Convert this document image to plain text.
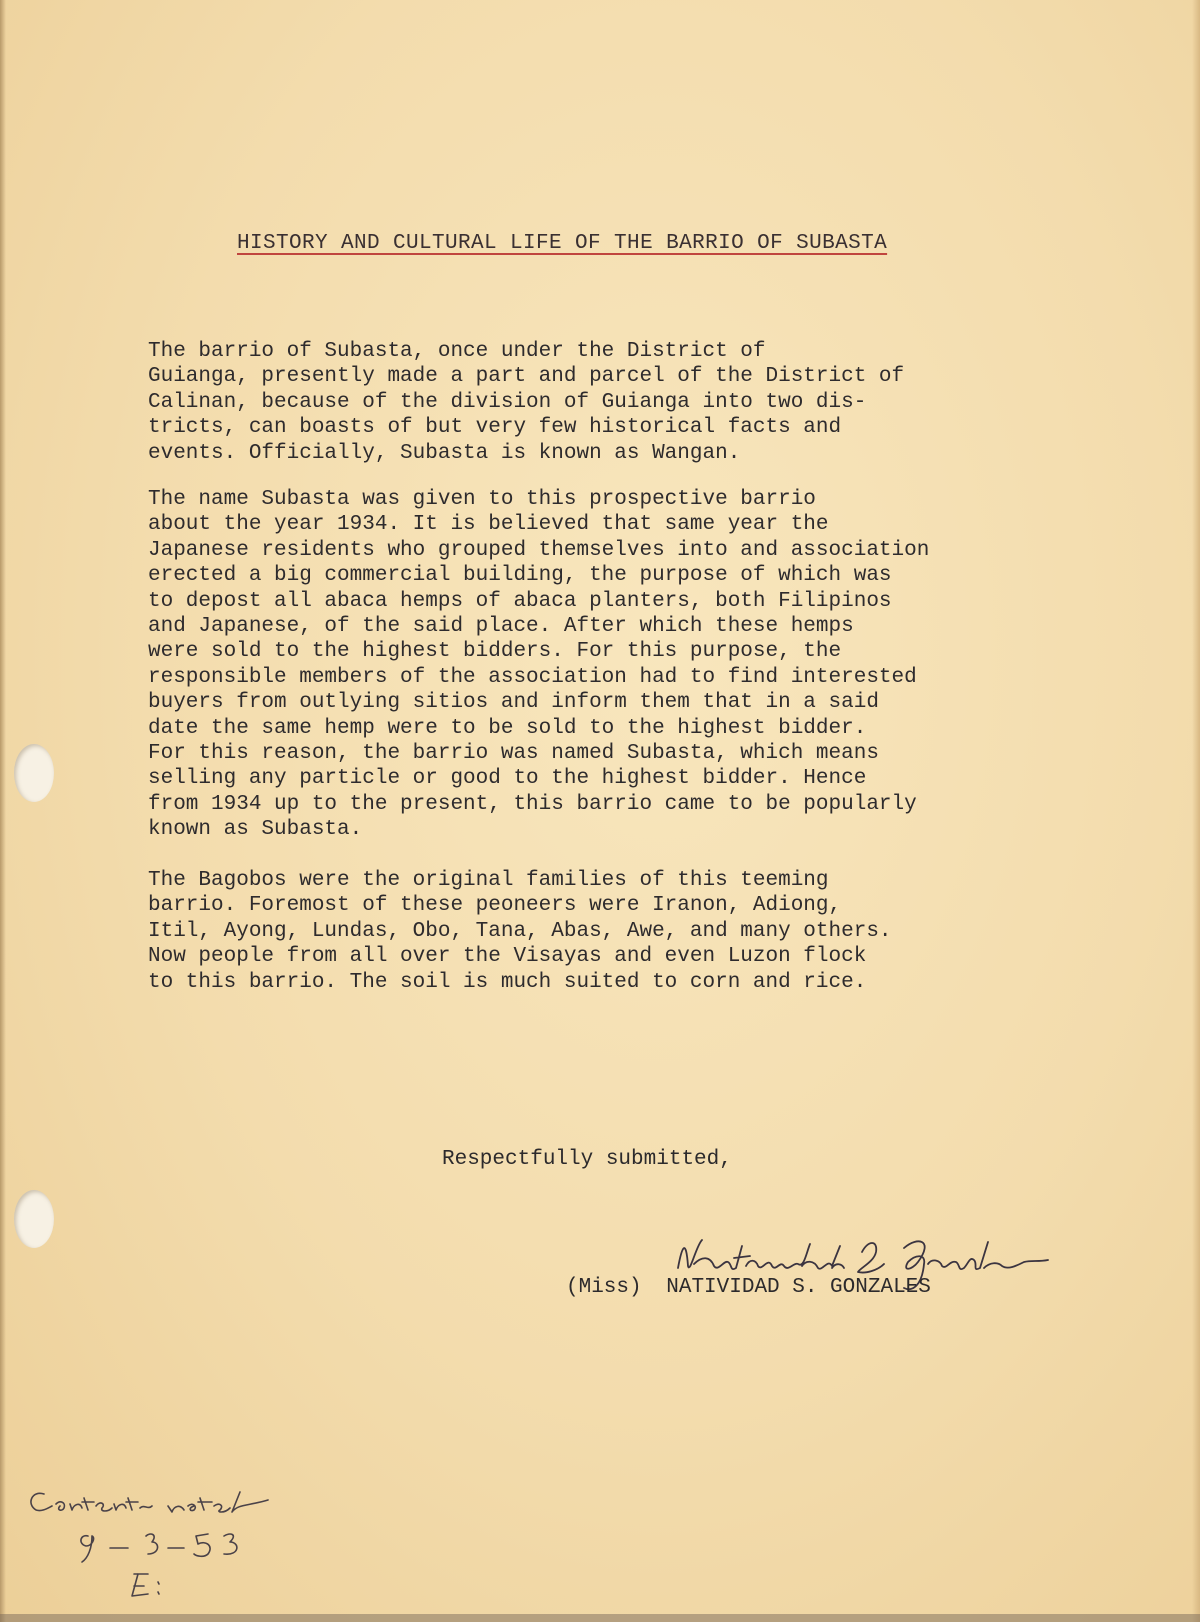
HISTORY AND CULTURAL LIFE OF THE BARRIO OF SUBASTA

The barrio of Subasta, once under the District of
Guianga, presently made a part and parcel of the District of
Calinan, because of the division of Guianga into two dis-
tricts, can boasts of but very few historical facts and
events. Officially, Subasta is known as Wangan.

The name Subasta was given to this prospective barrio
about the year 1934. It is believed that same year the
Japanese residents who grouped themselves into and association
erected a big commercial building, the purpose of which was
to depost all abaca hemps of abaca planters, both Filipinos
and Japanese, of the said place. After which these hemps
were sold to the highest bidders. For this purpose, the
responsible members of the association had to find interested
buyers from outlying sitios and inform them that in a said
date the same hemp were to be sold to the highest bidder.
For this reason, the barrio was named Subasta, which means
selling any particle or good to the highest bidder. Hence
from 1934 up to the present, this barrio came to be popularly
known as Subasta.

The Bagobos were the original families of this teeming
barrio. Foremost of these peoneers were Iranon, Adiong,
Itil, Ayong, Lundas, Obo, Tana, Abas, Awe, and many others.
Now people from all over the Visayas and even Luzon flock
to this barrio. The soil is much suited to corn and rice.

Respectfully submitted,
(Miss) NATIVIDAD S. GONZALES
